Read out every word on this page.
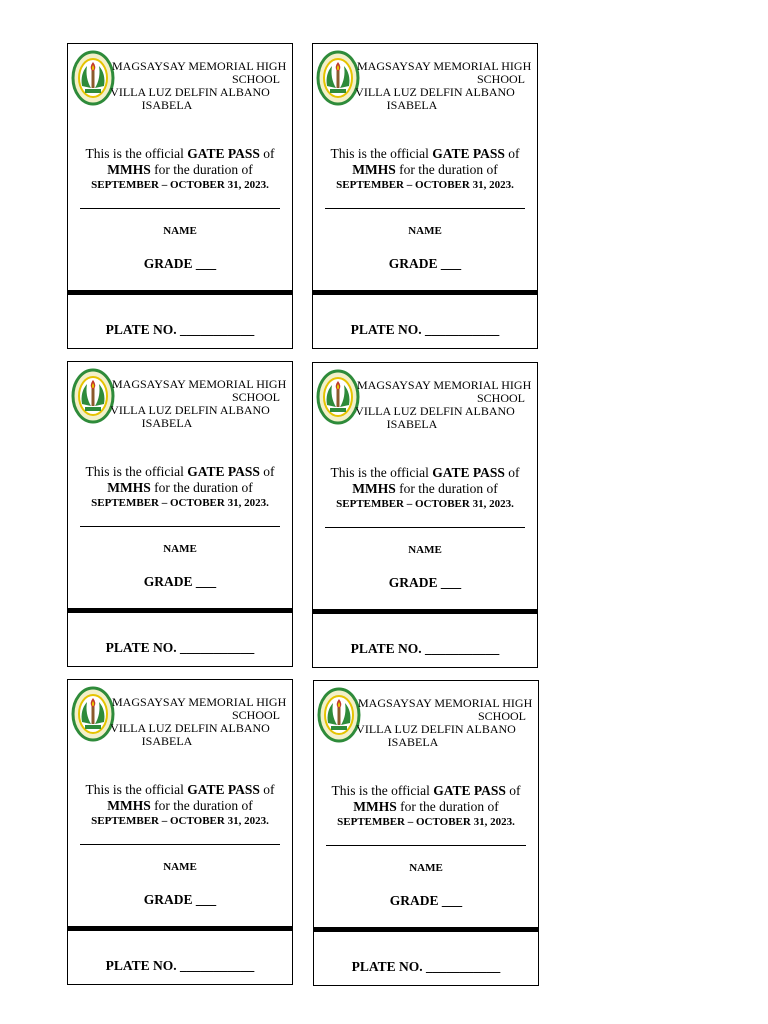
MAGSAYSAY MEMORIAL HIGH
SCHOOL
VILLA LUZ DELFIN ALBANO
ISABELA
This is the official GATE PASS of
MMHS for the duration of
SEPTEMBER – OCTOBER 31, 2023.
NAME
GRADE ___
PLATE NO. ___________
MAGSAYSAY MEMORIAL HIGH
SCHOOL
VILLA LUZ DELFIN ALBANO
ISABELA
This is the official GATE PASS of
MMHS for the duration of
SEPTEMBER – OCTOBER 31, 2023.
NAME
GRADE ___
PLATE NO. ___________
MAGSAYSAY MEMORIAL HIGH
SCHOOL
VILLA LUZ DELFIN ALBANO
ISABELA
This is the official GATE PASS of
MMHS for the duration of
SEPTEMBER – OCTOBER 31, 2023.
NAME
GRADE ___
PLATE NO. ___________
MAGSAYSAY MEMORIAL HIGH
SCHOOL
VILLA LUZ DELFIN ALBANO
ISABELA
This is the official GATE PASS of
MMHS for the duration of
SEPTEMBER – OCTOBER 31, 2023.
NAME
GRADE ___
PLATE NO. ___________
MAGSAYSAY MEMORIAL HIGH
SCHOOL
VILLA LUZ DELFIN ALBANO
ISABELA
This is the official GATE PASS of
MMHS for the duration of
SEPTEMBER – OCTOBER 31, 2023.
NAME
GRADE ___
PLATE NO. ___________
MAGSAYSAY MEMORIAL HIGH
SCHOOL
VILLA LUZ DELFIN ALBANO
ISABELA
This is the official GATE PASS of
MMHS for the duration of
SEPTEMBER – OCTOBER 31, 2023.
NAME
GRADE ___
PLATE NO. ___________
